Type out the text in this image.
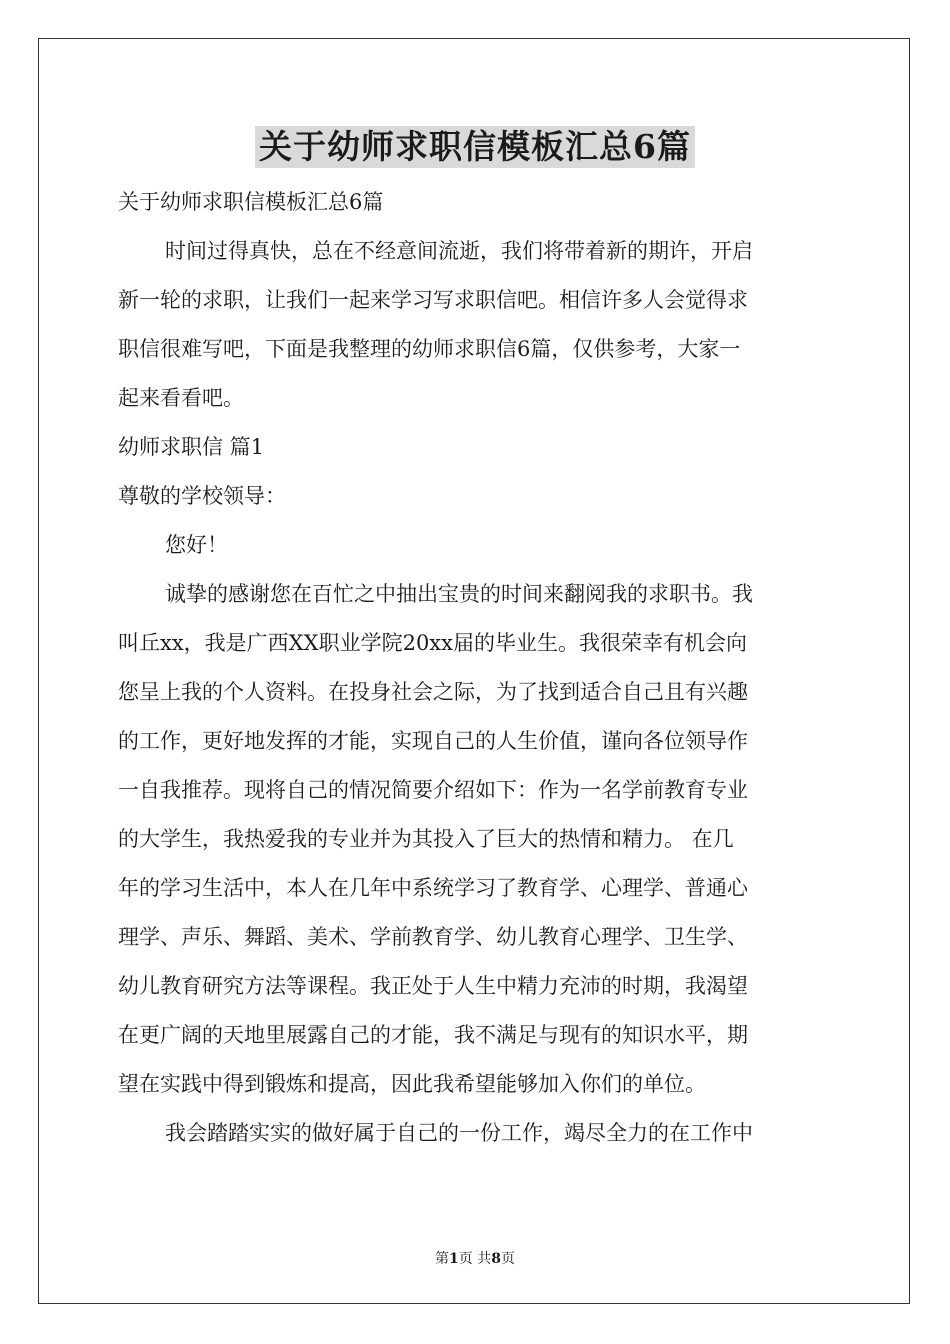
关于幼师求职信模板汇总6篇
关于幼师求职信模板汇总6篇
时间过得真快，总在不经意间流逝，我们将带着新的期许，开启
新一轮的求职，让我们一起来学习写求职信吧。相信许多人会觉得求
职信很难写吧，下面是我整理的幼师求职信6篇，仅供参考，大家一
起来看看吧。
幼师求职信 篇1
尊敬的学校领导：
您好！
诚挚的感谢您在百忙之中抽出宝贵的时间来翻阅我的求职书。我
叫丘xx，我是广西XX职业学院20xx届的毕业生。我很荣幸有机会向
您呈上我的个人资料。在投身社会之际，为了找到适合自己且有兴趣
的工作，更好地发挥的才能，实现自己的人生价值，谨向各位领导作
一自我推荐。现将自己的情况简要介绍如下：作为一名学前教育专业
的大学生，我热爱我的专业并为其投入了巨大的热情和精力。 在几
年的学习生活中，本人在几年中系统学习了教育学、心理学、普通心
理学、声乐、舞蹈、美术、学前教育学、幼儿教育心理学、卫生学、
幼儿教育研究方法等课程。我正处于人生中精力充沛的时期，我渴望
在更广阔的天地里展露自己的才能，我不满足与现有的知识水平，期
望在实践中得到锻炼和提高，因此我希望能够加入你们的单位。
我会踏踏实实的做好属于自己的一份工作，竭尽全力的在工作中
第1页 共8页
